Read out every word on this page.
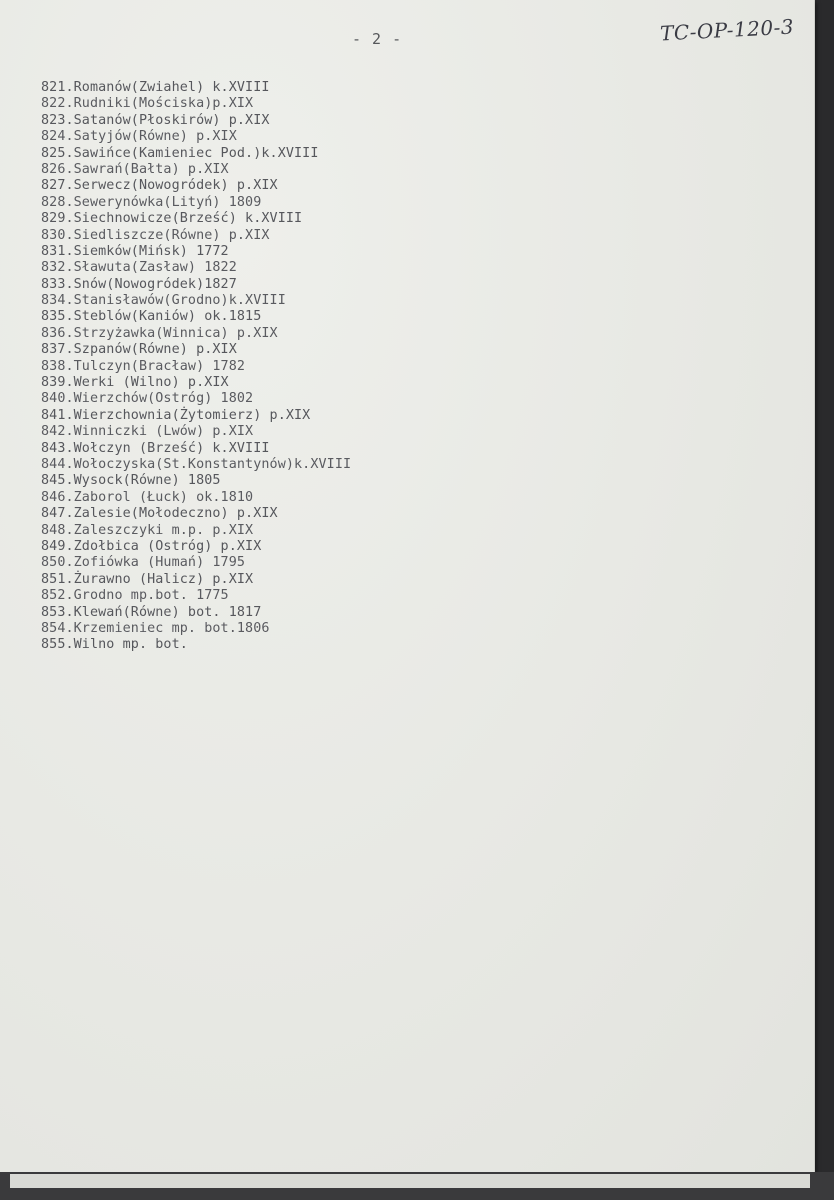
- 2 -	TC-OP-120-3
821.Romanów(Zwiahel) k.XVIII
822.Rudniki(Mościska)p.XIX
823.Satanów(Płoskirów) p.XIX
824.Satyjów(Równe) p.XIX
825.Sawińce(Kamieniec Pod.)k.XVIII
826.Sawrań(Bałta) p.XIX
827.Serwecz(Nowogródek) p.XIX
828.Sewerynówka(Lityń) 1809
829.Siechnowicze(Brześć) k.XVIII
830.Siedliszcze(Równe) p.XIX
831.Siemków(Mińsk) 1772
832.Sławuta(Zasław) 1822
833.Snów(Nowogródek)1827
834.Stanisławów(Grodno)k.XVIII
835.Steblów(Kaniów) ok.1815
836.Strzyżawka(Winnica) p.XIX
837.Szpanów(Równe) p.XIX
838.Tulczyn(Bracław) 1782
839.Werki (Wilno) p.XIX
840.Wierzchów(Ostróg) 1802
841.Wierzchownia(Żytomierz) p.XIX
842.Winniczki (Lwów) p.XIX
843.Wołczyn (Brześć) k.XVIII
844.Wołoczyska(St.Konstantynów)k.XVIII
845.Wysock(Równe) 1805
846.Zaborol (Łuck) ok.1810
847.Zalesie(Mołodeczno) p.XIX
848.Zaleszczyki m.p. p.XIX
849.Zdołbica (Ostróg) p.XIX
850.Zofiówka (Humań) 1795
851.Żurawno (Halicz) p.XIX
852.Grodno mp.bot. 1775
853.Klewań(Równe) bot. 1817
854.Krzemieniec mp. bot.1806
855.Wilno mp. bot.
